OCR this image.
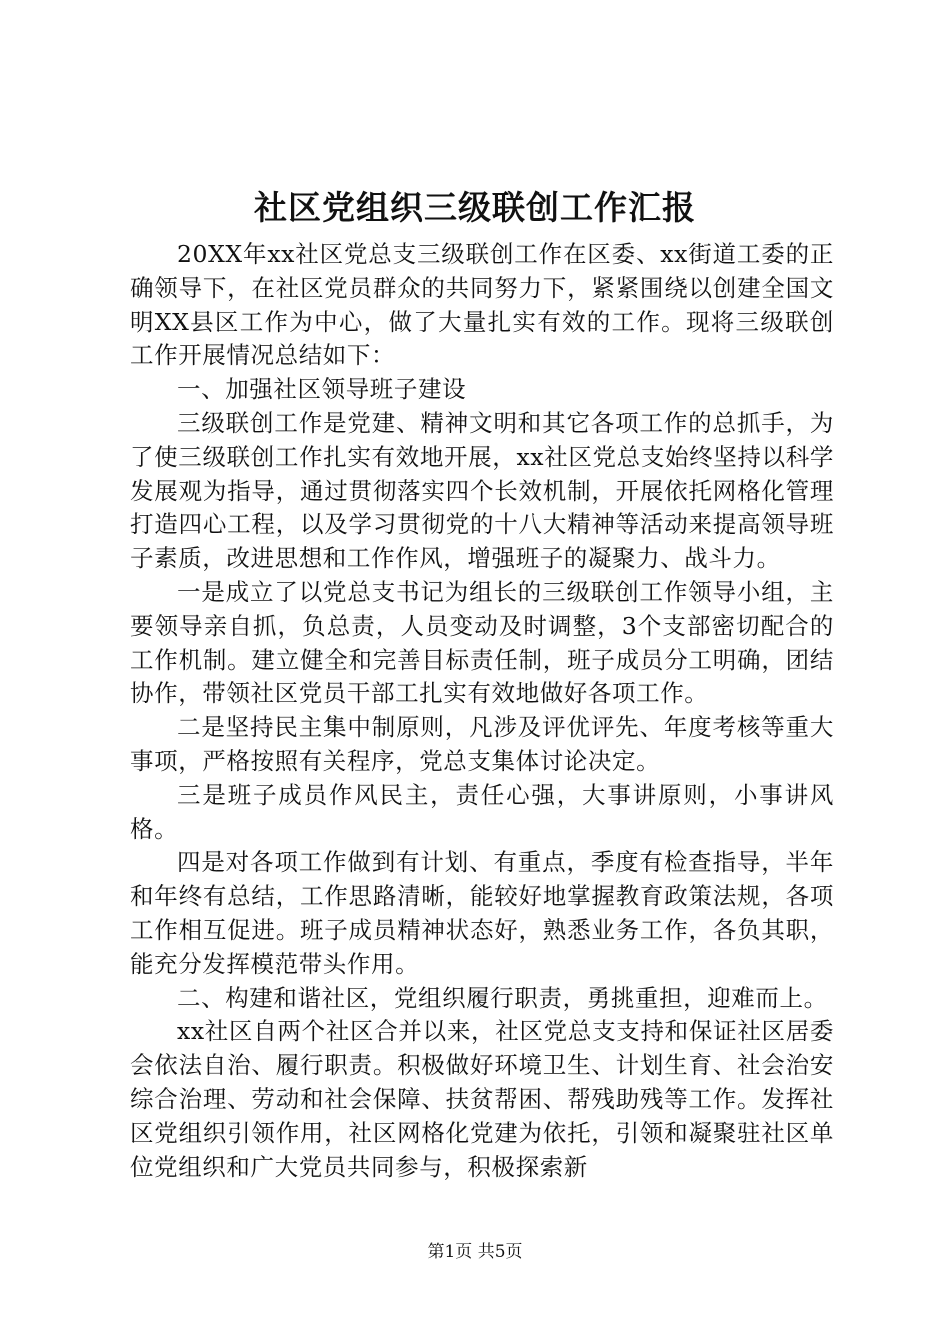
社区党组织三级联创工作汇报

20XX年xx社区党总支三级联创工作在区委、xx街道工委的正确领导下，在社区党员群众的共同努力下，紧紧围绕以创建全国文明XX县区工作为中心，做了大量扎实有效的工作。现将三级联创工作开展情况总结如下：

一、加强社区领导班子建设

三级联创工作是党建、精神文明和其它各项工作的总抓手，为了使三级联创工作扎实有效地开展，xx社区党总支始终坚持以科学发展观为指导，通过贯彻落实四个长效机制，开展依托网格化管理打造四心工程，以及学习贯彻党的十八大精神等活动来提高领导班子素质，改进思想和工作作风，增强班子的凝聚力、战斗力。

一是成立了以党总支书记为组长的三级联创工作领导小组，主要领导亲自抓，负总责，人员变动及时调整，3个支部密切配合的工作机制。建立健全和完善目标责任制，班子成员分工明确，团结协作，带领社区党员干部工扎实有效地做好各项工作。

二是坚持民主集中制原则，凡涉及评优评先、年度考核等重大事项，严格按照有关程序，党总支集体讨论决定。

三是班子成员作风民主，责任心强，大事讲原则，小事讲风格。

四是对各项工作做到有计划、有重点，季度有检查指导，半年和年终有总结，工作思路清晰，能较好地掌握教育政策法规，各项工作相互促进。班子成员精神状态好，熟悉业务工作，各负其职，能充分发挥模范带头作用。

二、构建和谐社区，党组织履行职责，勇挑重担，迎难而上。

xx社区自两个社区合并以来，社区党总支支持和保证社区居委会依法自治、履行职责。积极做好环境卫生、计划生育、社会治安综合治理、劳动和社会保障、扶贫帮困、帮残助残等工作。发挥社区党组织引领作用，社区网格化党建为依托，引领和凝聚驻社区单位党组织和广大党员共同参与，积极探索新

第1页 共5页
